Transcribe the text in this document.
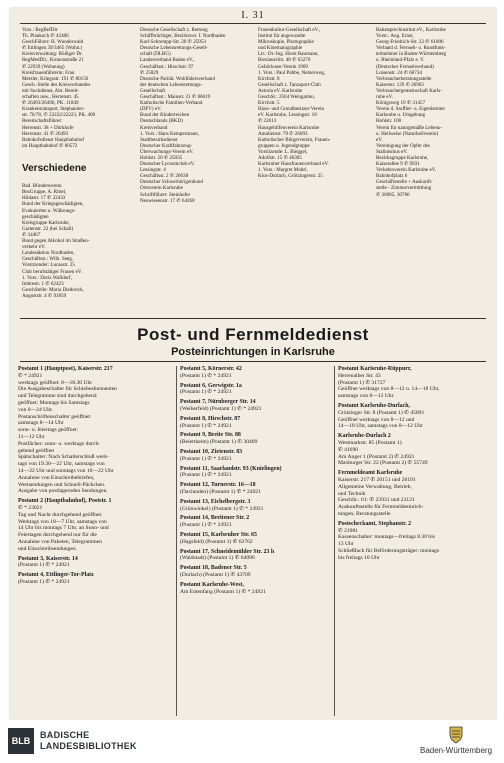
I. 31
Vors.: RegBefDir
Th. Plankuch ✆ 42406
GeschFührer: H. Wunderwald
✆ Ettlingen 39/3465 (Wohn.)
Kreisverwaltung: Rüdiger Dr.
RegMedDir., Kronenstraße 21
✆ 22939 (Wohnung)
Kreisfrauenführerin: Frau
Metzler, Kriegsstr. 191 ✆ 80156
Gesch.-Stelle des Kreisverbandes
mit Suchdienst, Abt. Bereit-
schaften usw., Herrenstr. 45
✆ 26493/26496, PK. 11849
Krankentransport, Stephanien-
str. 76/78, ✆ 22222/22223, PK. 400
Bereitschaftsführer:
Herrenstr. 38 + Dürkhofe
Herrenstr. 41 ✆ 26493
Bahnhofsdienst Hauptbahnhof
im Hauptbahnhof ✆ 80572
Deutsche Gesellschaft z. Rettung
Schiffbrüchiger, Bezirksver. f. Nordbaden
Karl-Schrempp-Str. 20 ✆ 25953
Deutsche Lebensrettungs-Gesell-
schaft (DLRG)
Landesverband Baden eV.,
Geschäftsst.: Hirschstr. 97
✆ 25829
Deutsche Parität. Wohlfahrtsverband
der deutschen Lebensrettungs-
Gesellschaft
Geschäftsst.: Mainstr. 21 ✆ 86619
Katholische Familien-Verband
(DFV) eV.
Bund der Kinderreichen
Deutschlands (BKD)
Kreisverband
1. Vors.: Hans Kempermann,
Stadtbezirksdienst
Deutscher Kraftfahrzeug-
Überwachungs-Verein eV.
Hohlstr. 20 ✆ 25035
Deutscher Lyceumclub eV.
Lessingstr. 4
Geschäftsst. 2 ✆ 26038
Deutscher Schwerhörigenbund
Ortsverein Karlsruhe
Schriftführer: Steinhofer
Neuwiesenstr. 17 ✆ 64268
Frauenkultur-Gesellschaft eV.,
Institut für angewandte
Mikroskopie, Photographie
und Kinematographie
Ltr.: Dr.-Ing. Horst Raumann,
BreslauerStr. 48 ✆ 63270
Gehörlosen-Verein 1909
1. Vors.: Paul Pabbe, Nemerweg,
Kirchstr. 8
Gesellschaft z. Tanzsport-Club
Astoria eV. Karlsruhe
GeschSt.: 2564 Weingarten,
Kirchstr. 5
Haus- und Grundbesitzer-Verein
eV. Karlsruhe, Lessingstr. 18
✆ 22613
Hausgehilfenverein Karlsruhe
Amalienstr. 79 ✆ 26093
Katholischer Bürgerverein, Frauen-
gruppen u. Jugendgruppe
Vorsitzende: L. Bieggel,
Adolfstr. 15 ✆ 46305
Karlsruher Hausfrauenverband eV.
1. Vors.: Margret Mohrl,
Klos-Durlach, Grötzingerstr. 25
Rahatsprechinstitut eV., Karlsruhe
Vorst.: Aug. Ernst,
Georg-Friedrich-Str. 22 ✆ 61006
Verband d. Fernseh- u. Rundfunk-
teilnehmer in Baden-Württemberg
u. Rheinland-Pfalz e. V.
(Deutscher Fernsehverband)
Luisenstr. 24 ✆ 68734
Verbraucherberatungsstelle
Kaiserstr. 129 ✆ 26903
Verbrauchergemeinschaft Karls-
ruhe eV.
Königsweg 19 ✆ 31457
Verein d. Stoffler- u. Eigenheimer
Karlsruhe u. Umgebung
Hohlstr. 100
Verein für naturgemäße Lebens-
u. Heilweise (Naturheilverein)
eV.
Vereinigung der Opfer des
Stalinismus eV.
Bezirksgruppe Karlsruhe,
Kaiserallee 9 ✆ 9931
Verkehrsverein Karlsruhe eV.
Bahnhofplatz 6
Geschäftsstelle + Auskunft-
stelle - Zimmervermittlung
✆ 36085, 30786

Verschiedene

Bad. Blindenverein
BezGruppe, A. Rittel,
Hildastr. 17 ✆ 22433
Bund der Kriegsgeschädigten,
Evakuierten u. Währungs-
geschädigten
Kreisgruppe Karlsruhe,
Gartenstr. 22 (bei Schall)
✆ 34467
Bund gegen Alkohol im Straßen-
verkehr eV.
Landesaktion Nordbaden,
Geschäftsst.: Wilh. Seeg,
Vorsitzender: Lucasstr. 25
Club berufstätiger Frauen eV.
1. Vors.: Doris Walldorf,
Imbrestr. 1 ✆ 62423
GeschStelle: Maria Diederich,
Auguststr. 4 ✆ 91859

Post- und Fernmeldedienst
Posteinrichtungen in Karlsruhe
Postamt 1 (Hauptpost), Kaiserstr. 217
✆ * 24921
werktags geöffnet: 8—18.30 Uhr
Die Ausgabeschalter für Schiebeabonnenten
und Telegramme sind durchgehend
geöffnet: Montags bis Samstags
von 0—24 Uhr.
Postanschriftenschalter geöffnet:
samstags 8—14 Uhr
sonn- u. feiertags geöffnet:
11—12 Uhr
Postfächer: sonn- u. werktags durch-
gehend geöffnet
Spätschalter: Nach Schalterschluß werk-
tags von 19.30—22 Uhr, samstags von
14—22 Uhr und sonntags von 10—22 Uhr
Annahme von Einschreibebriefen,
Wertsendungen und Schnell-Päckchen.
Ausgabe von postlagernden Sendungen.
Postamt 2 (Hauptbahnhof), Poststr. 1
✆ * 23021
Tag und Nacht durchgehend geöffnet.
Werktags von 18—7 Uhr, samstags von
14 Uhr bis montags 7 Uhr, an Sonn- und
Feiertagen durchgehend nur für die
Annahme von Paketen, Telegrammen
und Einschreibsendungen.
Postamt 3, Kaiserstr. 14
(Postamt 1) ✆ * 24921
Postamt 4, Ettlinger-Tor-Platz
(Postamt 1) ✆ * 24921
Postamt 5, Körnerstr. 42
(Postamt 1) ✆ * 24921
Postamt 6, Gerwigstr. 1a
(Postamt 1) ✆ * 24921
Postamt 7, Nürnberger Str. 14
(Weiherfeld) (Postamt 1) ✆ * 24921
Postamt 8, Hirschstr. 87
(Postamt 1) ✆ * 24921
Postamt 9, Breite Str. 88
(Beiertheim) (Postamt 1) ✆ 30409
Postamt 10, Zietenstr. 83
(Postamt 1) ✆ * 24921
Postamt 11, Saarlandstr. 93 (Knielingen)
(Postamt 1) ✆ * 24921
Postamt 12, Turnerstr. 16—18
(Daxlanden) (Postamt 1) ✆ * 24921
Postamt 13, Eichelbergstr. 3
(Grünwinkel) (Postamt 1) ✆ * 24921
Postamt 14, Breitener Str. 2
(Postamt 1) ✆ * 24921
Postamt 15, Karlsruher Str. 65
(Hagsfeld) (Postamt 1) ✆ 62762
Postamt 17, Schneidemühler Str. 23 h
(Waldstadt) (Postamt 1) ✆ 64096
Postamt 18, Badener Str. 5
(Durlach) (Postamt 1) ✆ 43709
Postamt Karlsruhe-West,
Am Entenfang (Postamt 1) ✆ * 24921
Postamt Karlsruhe-Rüppurr,
Herrenalber Str. 43
(Postamt 1) ✆ 31727
Geöffnet werktags von 8—12 u. 14—18 Uhr,
samstags von 8—12 Uhr.
Postamt Karlsruhe-Durlach,
Grötzinger Str. 8 (Postamt 1) ✆ 45091
Geöffnet werktags von 8—12 und
14—18 Uhr, samstags von 8—12 Uhr
Karlsruhe-Durlach 2
Westmarkstr. 85 (Postamt 1)
✆ 41690
Am Anger 1 (Postamt 2) ✆ 24921
Maxburger Str. 22 (Postamt 2) ✆ 55749
Fernmeldeamt Karlsruhe
Kaiserstr. 217 ✆ 20151 und 20191
Allgemeine Verwaltung, Betrieb,
und Technik
GeschSt.: 61: ✆ 23931 und 23121
Auskunftsstelle für Fernmeldeeinrich-
tungen, Beratungsstelle
Postscheckamt, Stephanstr. 2
✆ 21981
Kassenschalter: montags—freitags 8.30 bis
13 Uhr
Schließfach für Beförderungsträger: montags
bis freitags 10 Uhr
BLB
BADISCHE
LANDESBIBLIOTHEK	Baden-Württemberg
